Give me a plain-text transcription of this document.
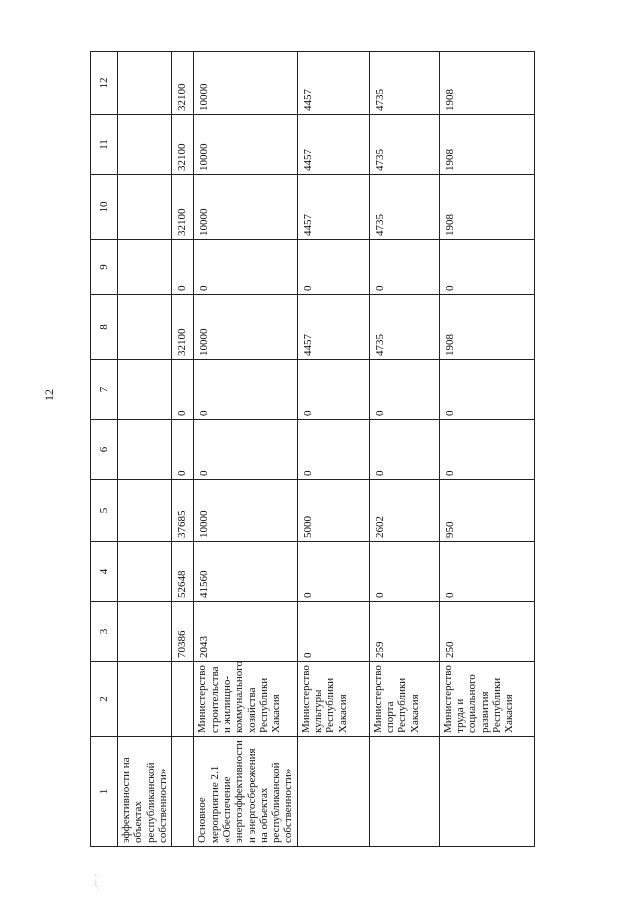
12
.:'''.'
1	2	3	4	5	6	7	8	9	10	11	12
эффективности на объектах республиканской собственности»											
		70386	52648	37685	0	0	32100	0	32100	32100	32100
Основное мероприятие 2.1 «Обеспечение энергоэффективности и энергосбережения на объектах республиканской собственности»	Министерство строительства и жилищно-коммунального хозяйства Республики Хакасия	2043	41560	10000	0	0	10000	0	10000	10000	10000
	Министерство культуры Республики Хакасия	0	0	5000	0	0	4457	0	4457	4457	4457
	Министерство спорта Республики Хакасия	259	0	2602	0	0	4735	0	4735	4735	4735
	Министерство труда и социального развития Республики Хакасия	250	0	950	0	0	1908	0	1908	1908	1908
